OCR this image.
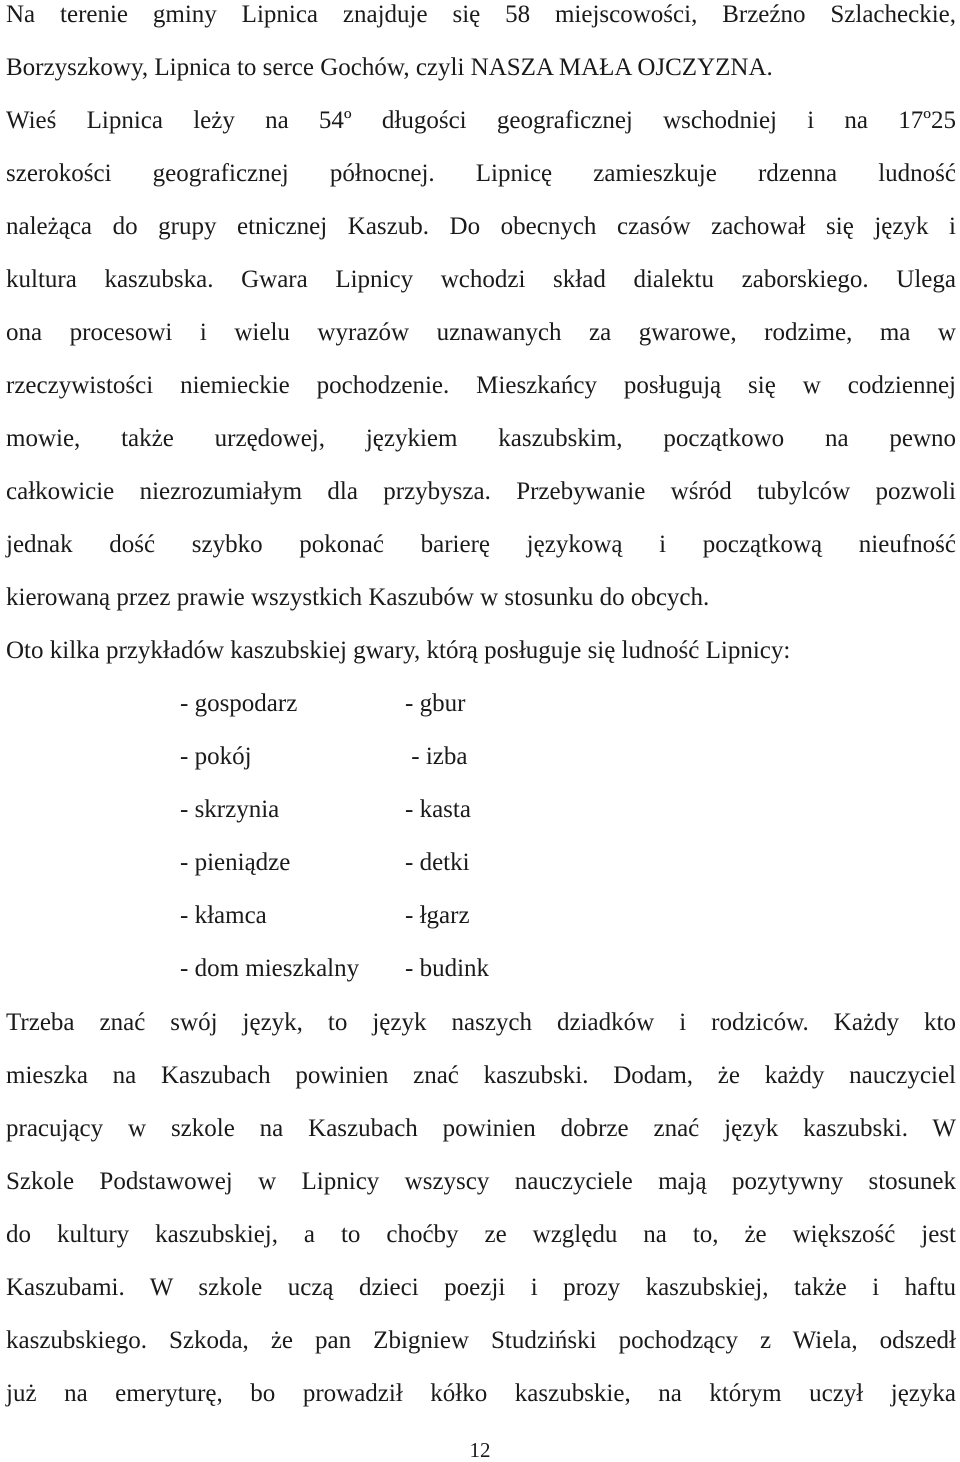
Na terenie gminy Lipnica znajduje się 58 miejscowości, Brzeźno Szlacheckie,
Borzyszkowy, Lipnica to serce Gochów, czyli NASZA MAŁA OJCZYZNA.
Wieś Lipnica leży na 54º długości geograficznej wschodniej i na 17º25
szerokości geograficznej północnej. Lipnicę zamieszkuje rdzenna ludność
należąca do grupy etnicznej Kaszub. Do obecnych czasów zachował się język i
kultura kaszubska. Gwara Lipnicy wchodzi skład dialektu zaborskiego. Ulega
ona procesowi i wielu wyrazów uznawanych za gwarowe, rodzime, ma w
rzeczywistości niemieckie pochodzenie. Mieszkańcy posługują się w codziennej
mowie, także urzędowej, językiem kaszubskim, początkowo na pewno
całkowicie niezrozumiałym dla przybysza. Przebywanie wśród tubylców pozwoli
jednak dość szybko pokonać barierę językową i początkową nieufność
kierowaną przez prawie wszystkich Kaszubów w stosunku do obcych.
Oto kilka przykładów kaszubskiej gwary, którą posługuje się ludność Lipnicy:
- gospodarz	- gbur
- pokój	- izba
- skrzynia	- kasta
- pieniądze	- detki
- kłamca	- łgarz
- dom mieszkalny - budink
Trzeba znać swój język, to język naszych dziadków i rodziców. Każdy kto
mieszka na Kaszubach powinien znać kaszubski. Dodam, że każdy nauczyciel
pracujący w szkole na Kaszubach powinien dobrze znać język kaszubski. W
Szkole Podstawowej w Lipnicy wszyscy nauczyciele mają pozytywny stosunek
do kultury kaszubskiej, a to choćby ze względu na to, że większość jest
Kaszubami. W szkole uczą dzieci poezji i prozy kaszubskiej, także i haftu
kaszubskiego. Szkoda, że pan Zbigniew Studziński pochodzący z Wiela, odszedł
już na emeryturę, bo prowadził kółko kaszubskie, na którym uczył języka
12
